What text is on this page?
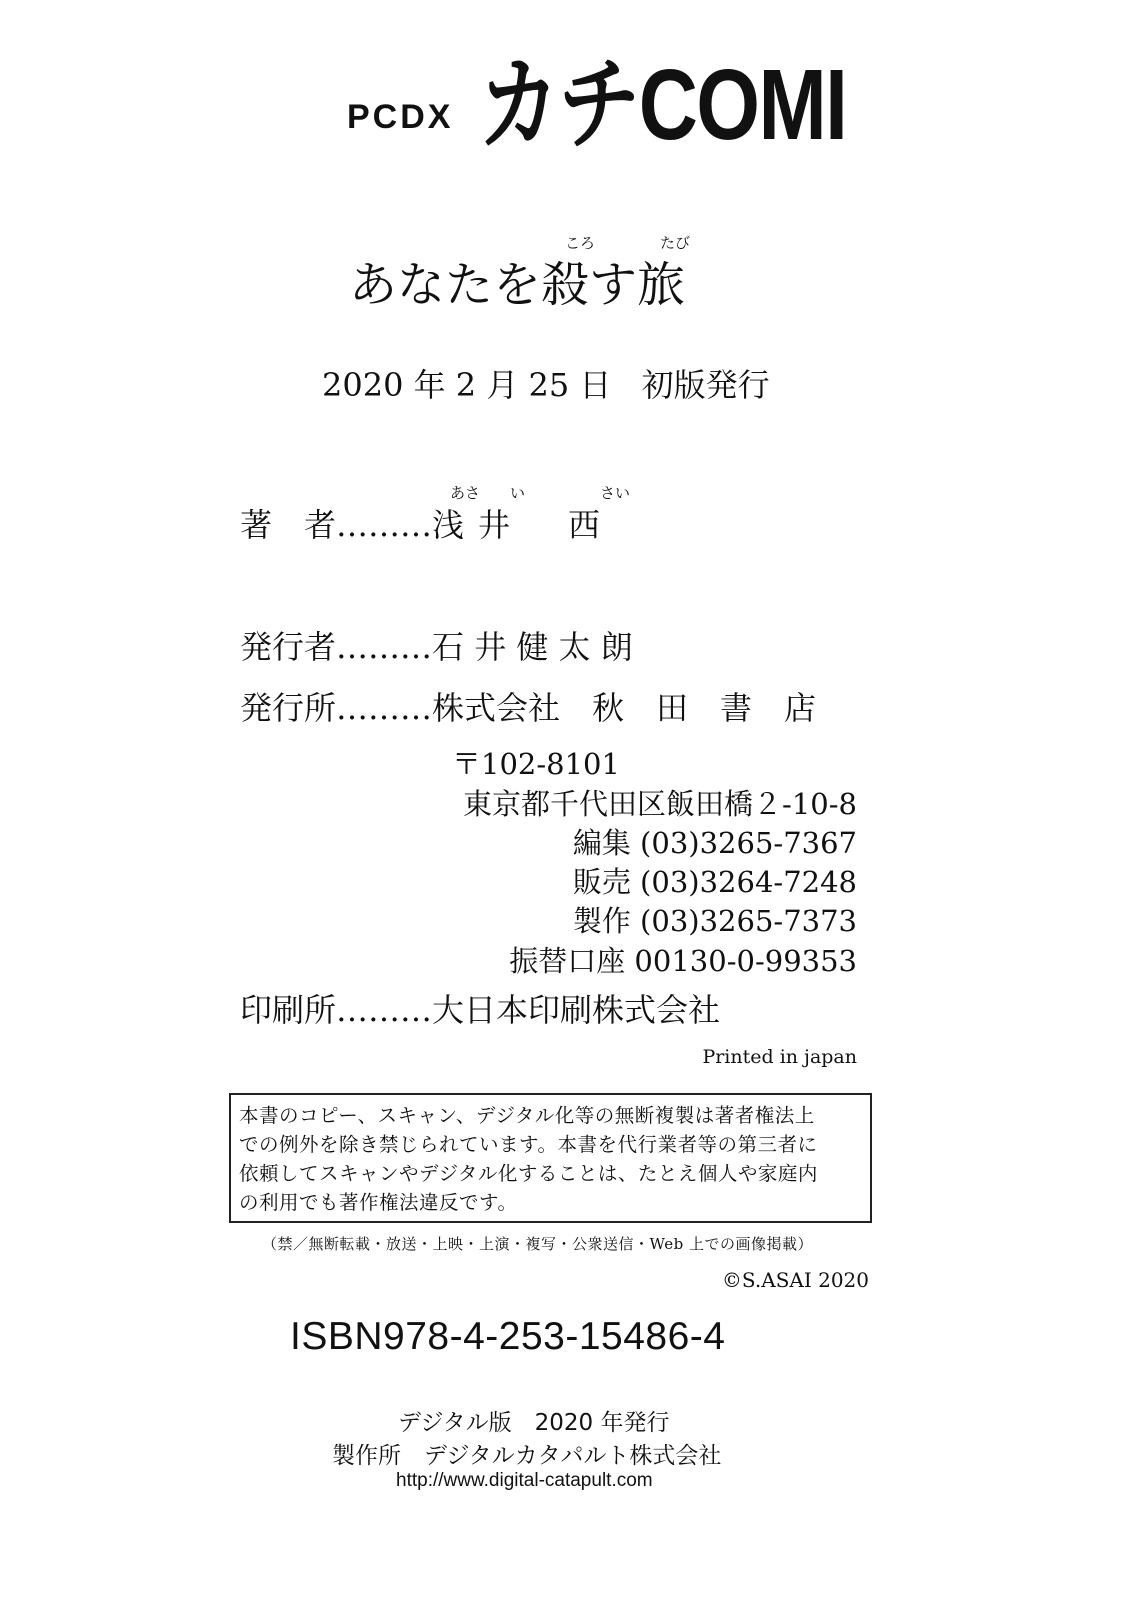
PCDX カチCOMI
ころ	たび
あなたを殺す旅
2020 年 2 月 25 日 初版発行
あさ い	さい
著　者………浅 井 西
発行者………石 井 健 太 朗
発行所………株式会社　秋　田　書　店
〒102-8101
東京都千代田区飯田橋２-10-8
編集 (03)3265-7367
販売 (03)3264-7248
製作 (03)3265-7373
振替口座 00130-0-99353
印刷所………大日本印刷株式会社
Printed in japan
本書のコピー、スキャン、デジタル化等の無断複製は著者権法上
での例外を除き禁じられています。本書を代行業者等の第三者に
依頼してスキャンやデジタル化することは、たとえ個人や家庭内
の利用でも著作権法違反です。
（禁／無断転載・放送・上映・上演・複写・公衆送信・Web 上での画像掲載）
©S.ASAI 2020
ISBN978-4-253-15486-4
デジタル版　2020 年発行
製作所　デジタルカタパルト株式会社
http://www.digital-catapult.com
